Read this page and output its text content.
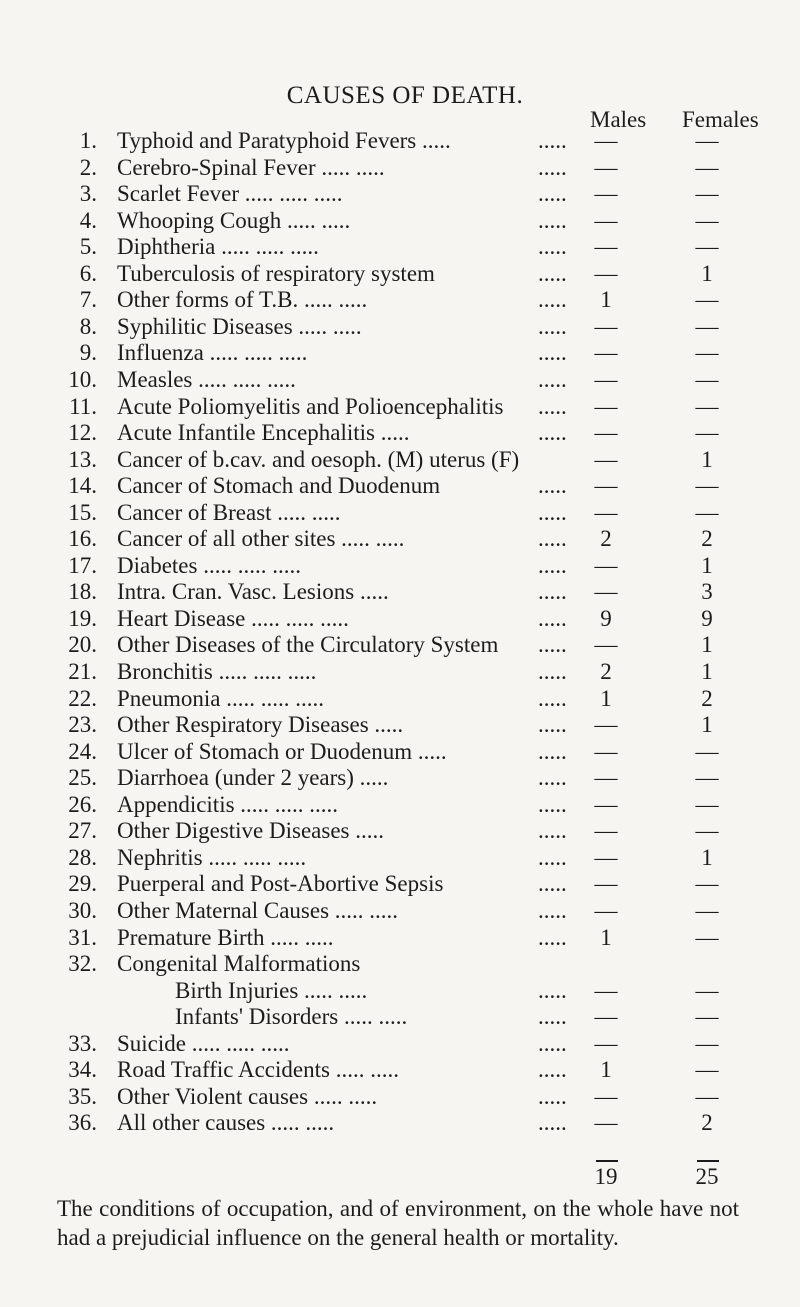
CAUSES OF DEATH.
Males Females
1. Typhoid and Paratyphoid Fevers .....	.....	—	—
2. Cerebro-Spinal Fever ..... .....	.....	—	—
3. Scarlet Fever ..... ..... .....	.....	—	—
4. Whooping Cough ..... .....	.....	—	—
5. Diphtheria ..... ..... .....	.....	—	—
6. Tuberculosis of respiratory system	.....	—	1
7. Other forms of T.B. ..... .....	.....	1	—
8. Syphilitic Diseases ..... .....	.....	—	—
9. Influenza ..... ..... .....	.....	—	—
10. Measles ..... ..... .....	.....	—	—
11. Acute Poliomyelitis and Polioencephalitis .....	—	—
12. Acute Infantile Encephalitis .....	.....	—	—
13. Cancer of b.cav. and oesoph. (M) uterus (F)	—	1
14. Cancer of Stomach and Duodenum	.....	—	—
15. Cancer of Breast ..... .....	.....	—	—
16. Cancer of all other sites ..... .....	.....	2	2
17. Diabetes ..... ..... .....	.....	—	1
18. Intra. Cran. Vasc. Lesions .....	.....	—	3
19. Heart Disease ..... ..... .....	.....	9	9
20. Other Diseases of the Circulatory System .....	—	1
21. Bronchitis ..... ..... .....	.....	2	1
22. Pneumonia ..... ..... .....	.....	1	2
23. Other Respiratory Diseases .....	.....	—	1
24. Ulcer of Stomach or Duodenum .....	.....	—	—
25. Diarrhoea (under 2 years) .....	.....	—	—
26. Appendicitis ..... ..... .....	.....	—	—
27. Other Digestive Diseases .....	.....	—	—
28. Nephritis ..... ..... .....	.....	—	1
29. Puerperal and Post-Abortive Sepsis	.....	—	—
30. Other Maternal Causes ..... .....	.....	—	—
31. Premature Birth ..... .....	.....	1	—
32. Congenital Malformations
Birth Injuries ..... .....	.....	—	—
Infants' Disorders ..... .....	.....	—	—
33. Suicide ..... ..... .....	.....	—	—
34. Road Traffic Accidents ..... .....	.....	1	—
35. Other Violent causes ..... .....	.....	—	—
36. All other causes ..... .....	.....	—	2
19	25
The conditions of occupation, and of environment, on the whole have not had a prejudicial influence on the general health or mortality.
